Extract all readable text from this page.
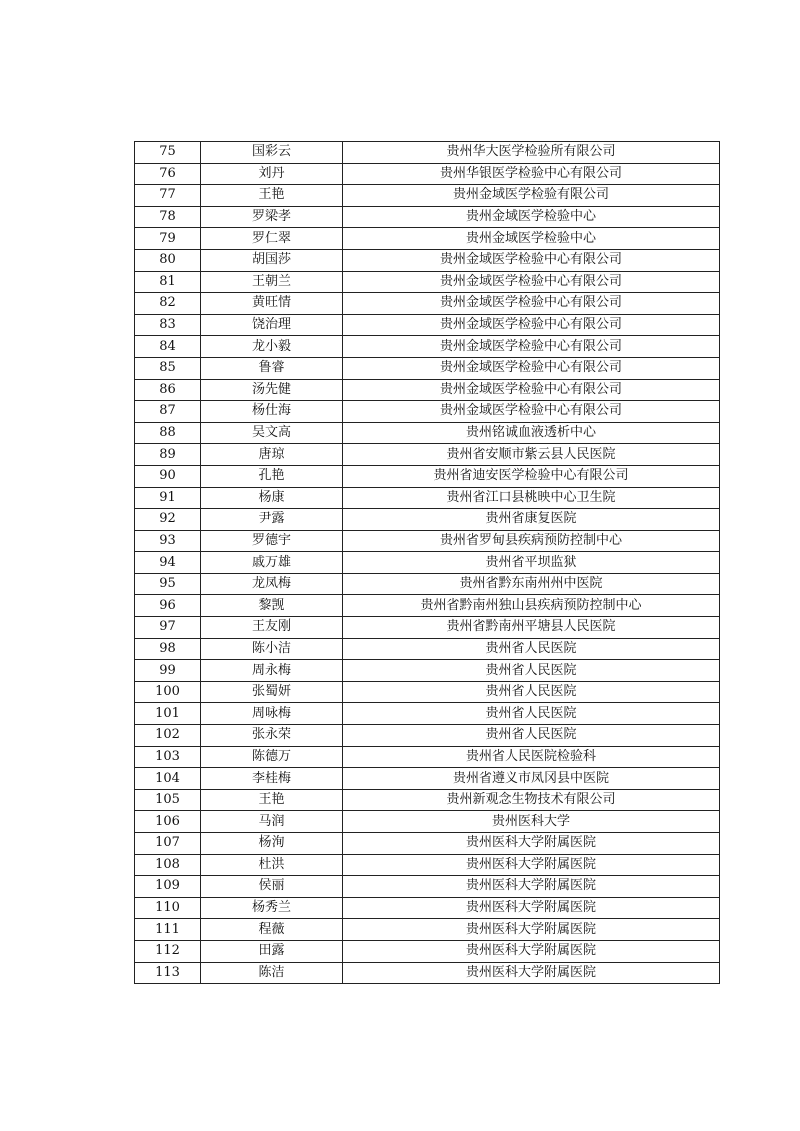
75	国彩云	贵州华大医学检验所有限公司
76	刘丹	贵州华银医学检验中心有限公司
77	王艳	贵州金域医学检验有限公司
78	罗梁孝	贵州金域医学检验中心
79	罗仁翠	贵州金域医学检验中心
80	胡国莎	贵州金域医学检验中心有限公司
81	王朝兰	贵州金域医学检验中心有限公司
82	黄旺情	贵州金域医学检验中心有限公司
83	饶治理	贵州金域医学检验中心有限公司
84	龙小毅	贵州金域医学检验中心有限公司
85	鲁睿	贵州金域医学检验中心有限公司
86	汤先健	贵州金域医学检验中心有限公司
87	杨仕海	贵州金域医学检验中心有限公司
88	吴文高	贵州铭诚血液透析中心
89	唐琼	贵州省安顺市紫云县人民医院
90	孔艳	贵州省迪安医学检验中心有限公司
91	杨康	贵州省江口县桃映中心卫生院
92	尹露	贵州省康复医院
93	罗德宇	贵州省罗甸县疾病预防控制中心
94	戚万雄	贵州省平坝监狱
95	龙凤梅	贵州省黔东南州州中医院
96	黎觊	贵州省黔南州独山县疾病预防控制中心
97	王友刚	贵州省黔南州平塘县人民医院
98	陈小洁	贵州省人民医院
99	周永梅	贵州省人民医院
100	张蜀妍	贵州省人民医院
101	周咏梅	贵州省人民医院
102	张永荣	贵州省人民医院
103	陈德万	贵州省人民医院检验科
104	李桂梅	贵州省遵义市凤冈县中医院
105	王艳	贵州新观念生物技术有限公司
106	马润	贵州医科大学
107	杨洵	贵州医科大学附属医院
108	杜洪	贵州医科大学附属医院
109	侯丽	贵州医科大学附属医院
110	杨秀兰	贵州医科大学附属医院
111	程薇	贵州医科大学附属医院
112	田露	贵州医科大学附属医院
113	陈洁	贵州医科大学附属医院
